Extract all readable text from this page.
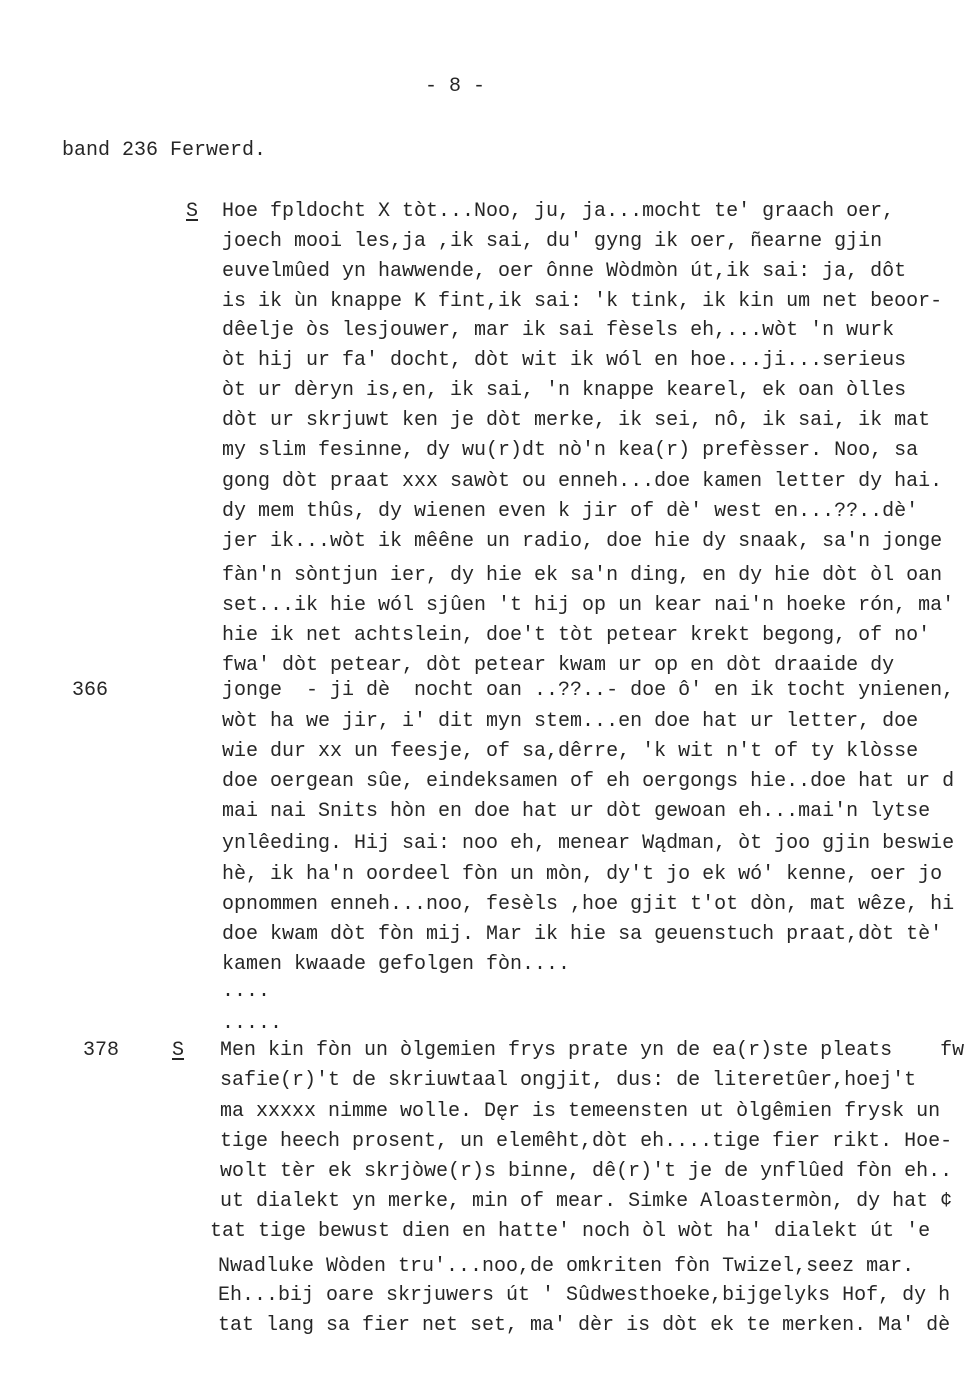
- 8 -
band 236 Ferwerd.
S
366
Hoe fpldocht X tòt...Noo, ju, ja...mocht te' graach oer,
joech mooi les,ja ,ik sai, du' gyng ik oer, ñearne gjin
euvelmûed yn hawwende, oer ônne Wòdmòn út,ik sai: ja, dôt
is ik ùn knappe K fint,ik sai: 'k tink, ik kin um net beoor-
dêelje òs lesjouwer, mar ik sai fèsels eh,...wòt 'n wurk
òt hij ur fa' docht, dòt wit ik wól en hoe...ji...serieus
òt ur dèryn is,en, ik sai, 'n knappe kearel, ek oan òlles
dòt ur skrjuwt ken je dòt merke, ik sei, nô, ik sai, ik mat
my slim fesinne, dy wu(r)dt nò'n kea(r) prefèsser. Noo, sa
gong dòt praat xxx sawòt ou enneh...doe kamen letter dy hai.
dy mem thûs, dy wienen even k jir of dè' west en...??..dè'
jer ik...wòt ik mêêne un radio, doe hie dy snaak, sa'n jonge
fàn'n sòntjun ier, dy hie ek sa'n ding, en dy hie dòt òl oan
set...ik hie wól sjûen 't hij op un kear nai'n hoeke rón, ma'
hie ik net achtslein, doe't tòt petear krekt begong, of no'
fwa' dòt petear, dòt petear kwam ur op en dòt draaide dy
jonge  - ji dè  nocht oan ..??..- doe ô' en ik tocht ynienen,
wòt ha we jir, i' dit myn stem...en doe hat ur letter, doe
wie dur xx un feesje, of sa,dêrre, 'k wit n't of ty klòsse
doe oergean sûe, eindeksamen of eh oergongs hie..doe hat ur d
mai nai Snits hòn en doe hat ur dòt gewoan eh...mai'n lytse
ynlêeding. Hij sai: noo eh, menear Wądman, òt joo gjin beswie
hè, ik ha'n oordeel fòn un mòn, dy't jo ek wó' kenne, oer jo
opnommen enneh...noo, fesèls ,hoe gjit t'ot dòn, mat wêze, hi
doe kwam dòt fòn mij. Mar ik hie sa geuenstuch praat,dòt tè'
kamen kwaade gefolgen fòn....
....
.....
378	S Men kin fòn un òlgemien frys prate yn de ea(r)ste pleats    fw
safie(r)'t de skriuwtaal ongjit, dus: de literetûer,hoej't
ma xxxxx nimme wolle. Dęr is temeensten ut òlgêmien frysk un
tige heech prosent, un elemêht,dòt eh....tige fier rikt. Hoe-
wolt tèr ek skrjòwe(r)s binne, dê(r)'t je de ynflûed fòn eh..
ut dialekt yn merke, min of mear. Simke Aloastermòn, dy hat ¢
tat tige bewust dien en hatte' noch òl wòt ha' dialekt út 'e
Nwadluke Wòden tru'...noo,de omkriten fòn Twizel,seez mar.
Eh...bij oare skrjuwers út ' Sûdwesthoeke,bijgelyks Hof, dy h
tat lang sa fier net set, ma' dèr is dòt ek te merken. Ma' dè
